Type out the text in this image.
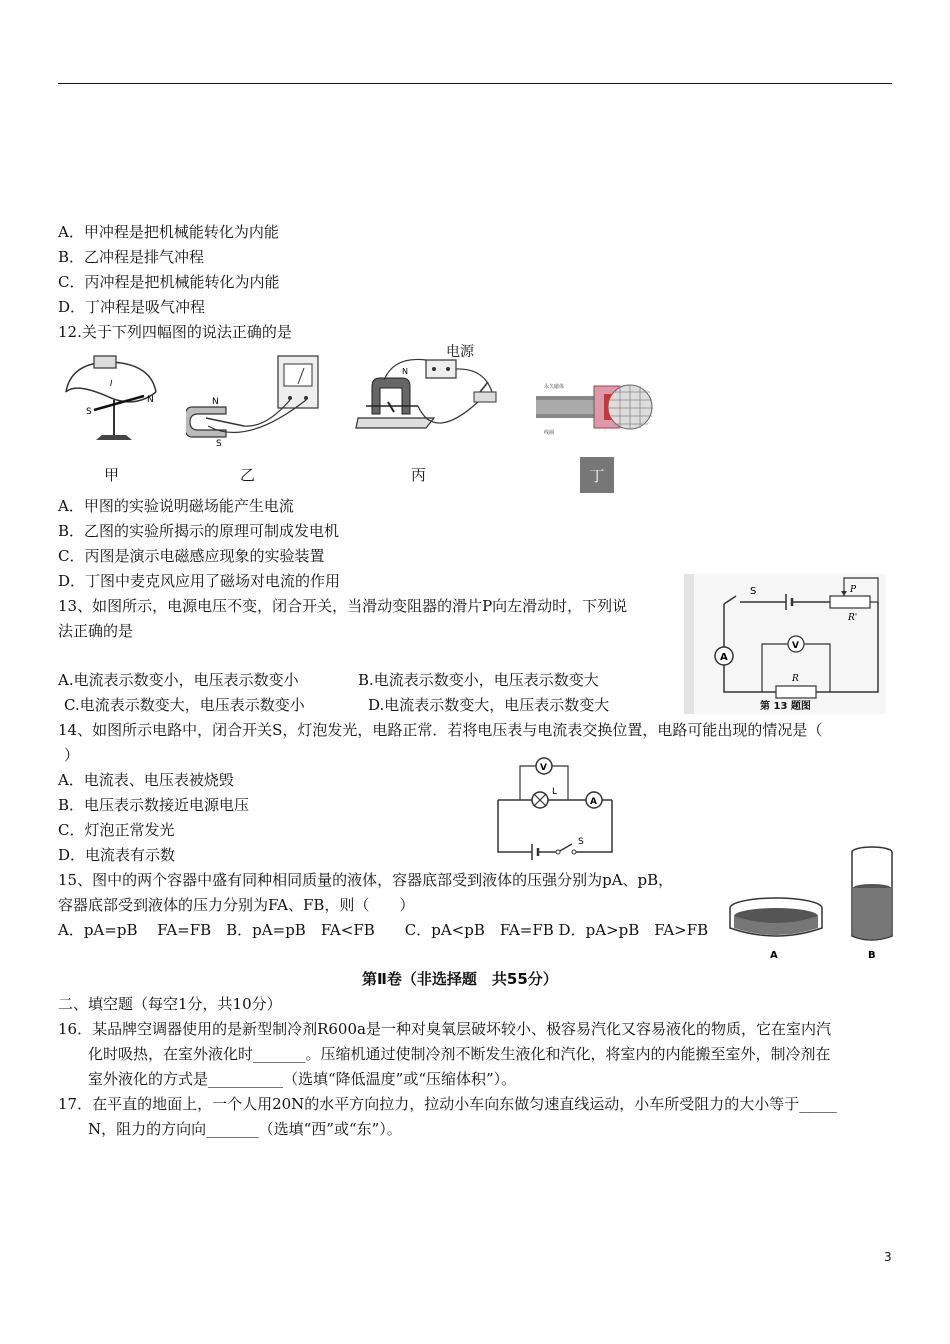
A．甲冲程是把机械能转化为内能
B．乙冲程是排气冲程
C．丙冲程是把机械能转化为内能
D．丁冲程是吸气冲程
12.关于下列四幅图的说法正确的是
S
N
I
N
S
电源
N
永久磁体
线圈
甲	乙	丙	丁
A．甲图的实验说明磁场能产生电流
B．乙图的实验所揭示的原理可制成发电机
C．丙图是演示电磁感应现象的实验装置
D．丁图中麦克风应用了磁场对电流的作用
13、如图所示，电源电压不变，闭合开关，当滑动变阻器的滑片P向左滑动时，下列说
法正确的是
A.电流表示数变小，电压表示数变小	B.电流表示数变小，电压表示数变大
C.电流表示数变大，电压表示数变小	D.电流表示数变大，电压表示数变大
P
R'
S
A
V
R
第 13 题图
14、如图所示电路中，闭合开关S，灯泡发光，电路正常．若将电压表与电流表交换位置，电路可能出现的情况是（
）
A．电流表、电压表被烧毁
B．电压表示数接近电源电压
C．灯泡正常发光
D．电流表有示数
S
L
A
V
15、图中的两个容器中盛有同种相同质量的液体，容器底部受到液体的压强分别为pA、pB，
容器底部受到液体的压力分别为FA、FB，则（　　）
A．pA=pB　 FA=FB　B．pA=pB　FA<FB　　C．pA<pB　FA=FB D．pA>pB　FA>FB
A	B
第Ⅱ卷（非选择题　共55分）
二、填空题（每空1分，共10分）
16．某品牌空调器使用的是新型制冷剂R600a是一种对臭氧层破坏较小、极容易汽化又容易液化的物质，它在室内汽
化时吸热，在室外液化时_______。压缩机通过使制冷剂不断发生液化和汽化，将室内的内能搬至室外，制冷剂在
室外液化的方式是__________（选填“降低温度”或“压缩体积”）。
17．在平直的地面上，一个人用20N的水平方向拉力，拉动小车向东做匀速直线运动，小车所受阻力的大小等于_____
N，阻力的方向向_______（选填“西”或“东”）。
3
